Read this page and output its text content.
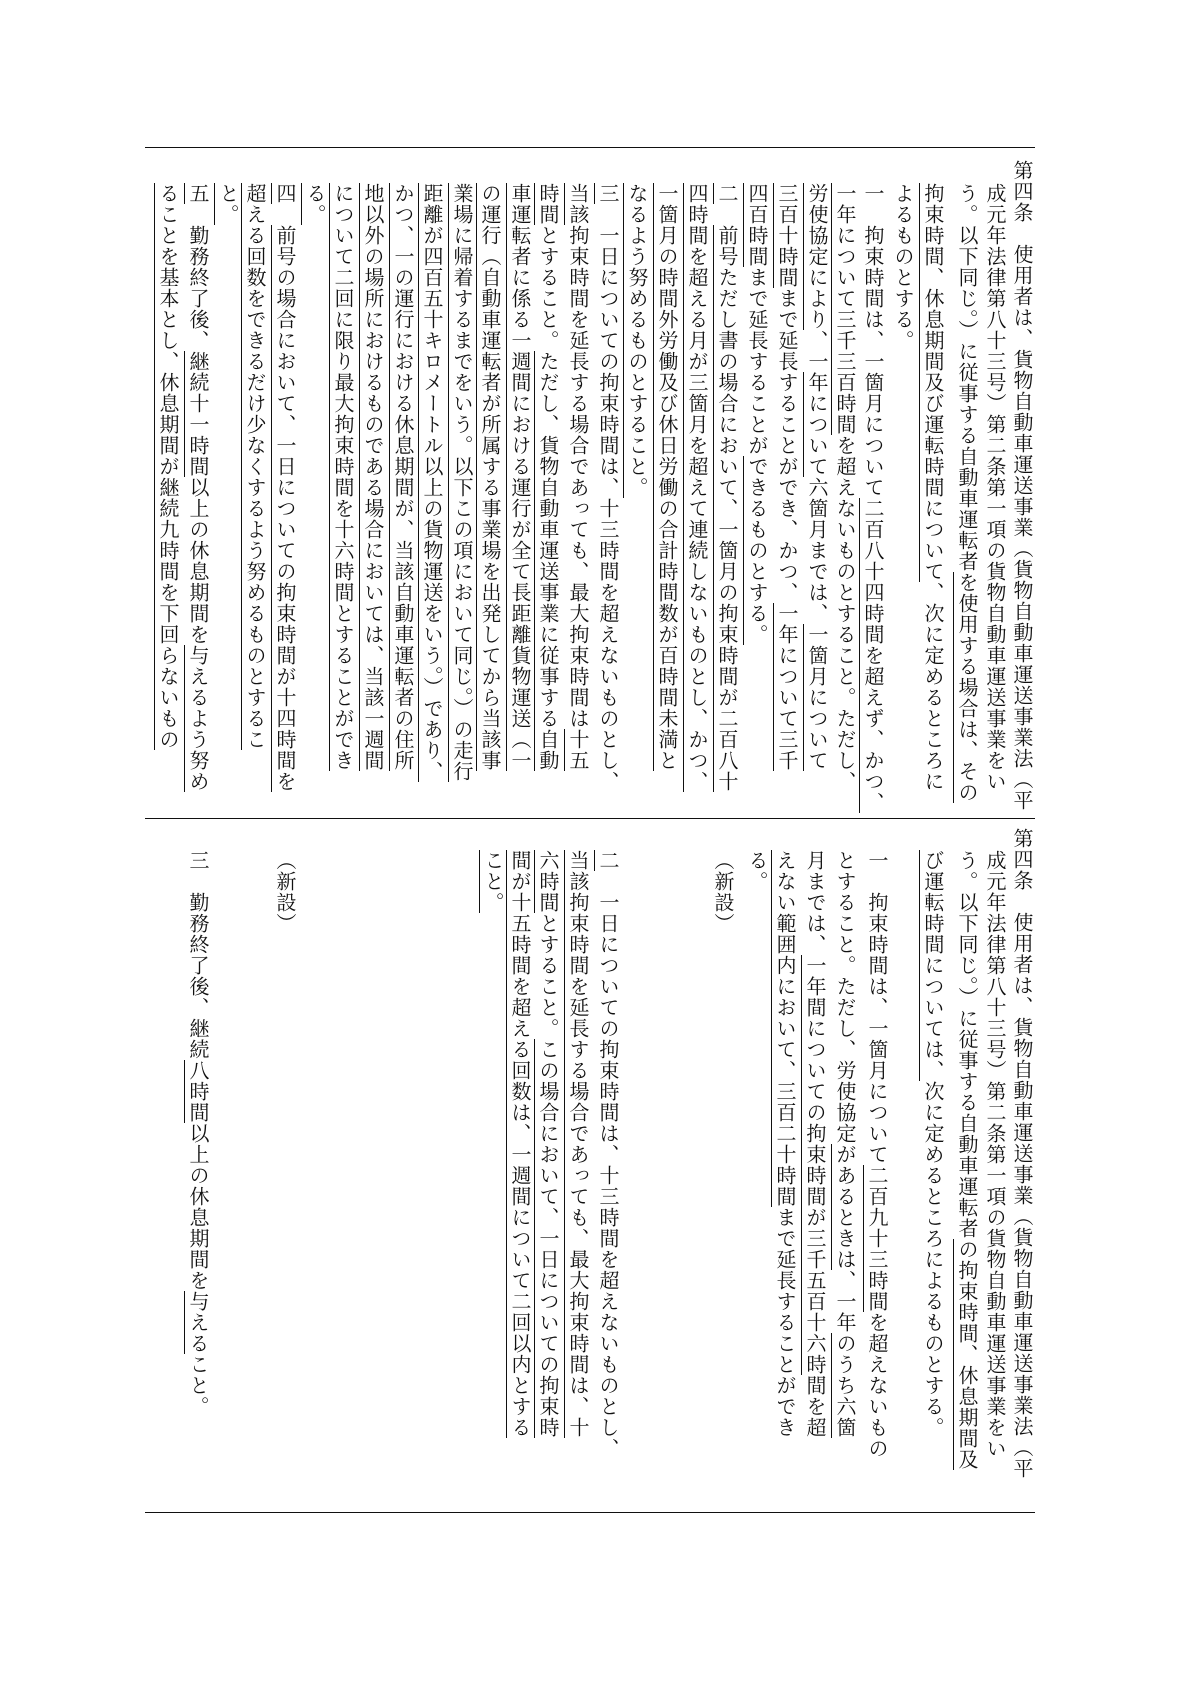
第四条　使用者は、貨物自動車運送事業（貨物自動車運送事業法（平
成元年法律第八十三号）第二条第一項の貨物自動車運送事業をい
う。以下同じ。）に従事する自動車運転者を使用する場合は、その
拘束時間、休息期間及び運転時間について、次に定めるところに
よるものとする。
一　拘束時間は、一箇月について二百八十四時間を超えず、かつ、
一年について三千三百時間を超えないものとすること。ただし、
労使協定により、一年について六箇月までは、一箇月について
三百十時間まで延長することができ、かつ、一年について三千
四百時間まで延長することができるものとする。
二　前号ただし書の場合において、一箇月の拘束時間が二百八十
四時間を超える月が三箇月を超えて連続しないものとし、かつ、
一箇月の時間外労働及び休日労働の合計時間数が百時間未満と
なるよう努めるものとすること。
三　一日についての拘束時間は、十三時間を超えないものとし、
当該拘束時間を延長する場合であっても、最大拘束時間は十五
時間とすること。ただし、貨物自動車運送事業に従事する自動
車運転者に係る一週間における運行が全て長距離貨物運送（一
の運行（自動車運転者が所属する事業場を出発してから当該事
業場に帰着するまでをいう。以下この項において同じ。）の走行
距離が四百五十キロメートル以上の貨物運送をいう。）であり、
かつ、一の運行における休息期間が、当該自動車運転者の住所
地以外の場所におけるものである場合においては、当該一週間
について二回に限り最大拘束時間を十六時間とすることができ
る。
四　前号の場合において、一日についての拘束時間が十四時間を
超える回数をできるだけ少なくするよう努めるものとするこ
と。
五　勤務終了後、継続十一時間以上の休息期間を与えるよう努め
ることを基本とし、休息期間が継続九時間を下回らないもの
第四条　使用者は、貨物自動車運送事業（貨物自動車運送事業法（平
成元年法律第八十三号）第二条第一項の貨物自動車運送事業をい
う。以下同じ。）に従事する自動車運転者の拘束時間、休息期間及
び運転時間については、次に定めるところによるものとする。
一　拘束時間は、一箇月について二百九十三時間を超えないもの
とすること。ただし、労使協定があるときは、一年のうち六箇
月までは、一年間についての拘束時間が三千五百十六時間を超
えない範囲内において、三百二十時間まで延長することができ
る。
（新設）
二　一日についての拘束時間は、十三時間を超えないものとし、
当該拘束時間を延長する場合であっても、最大拘束時間は、十
六時間とすること。この場合において、一日についての拘束時
間が十五時間を超える回数は、一週間について二回以内とする
こと。
（新設）
三　勤務終了後、継続八時間以上の休息期間を与えること。
